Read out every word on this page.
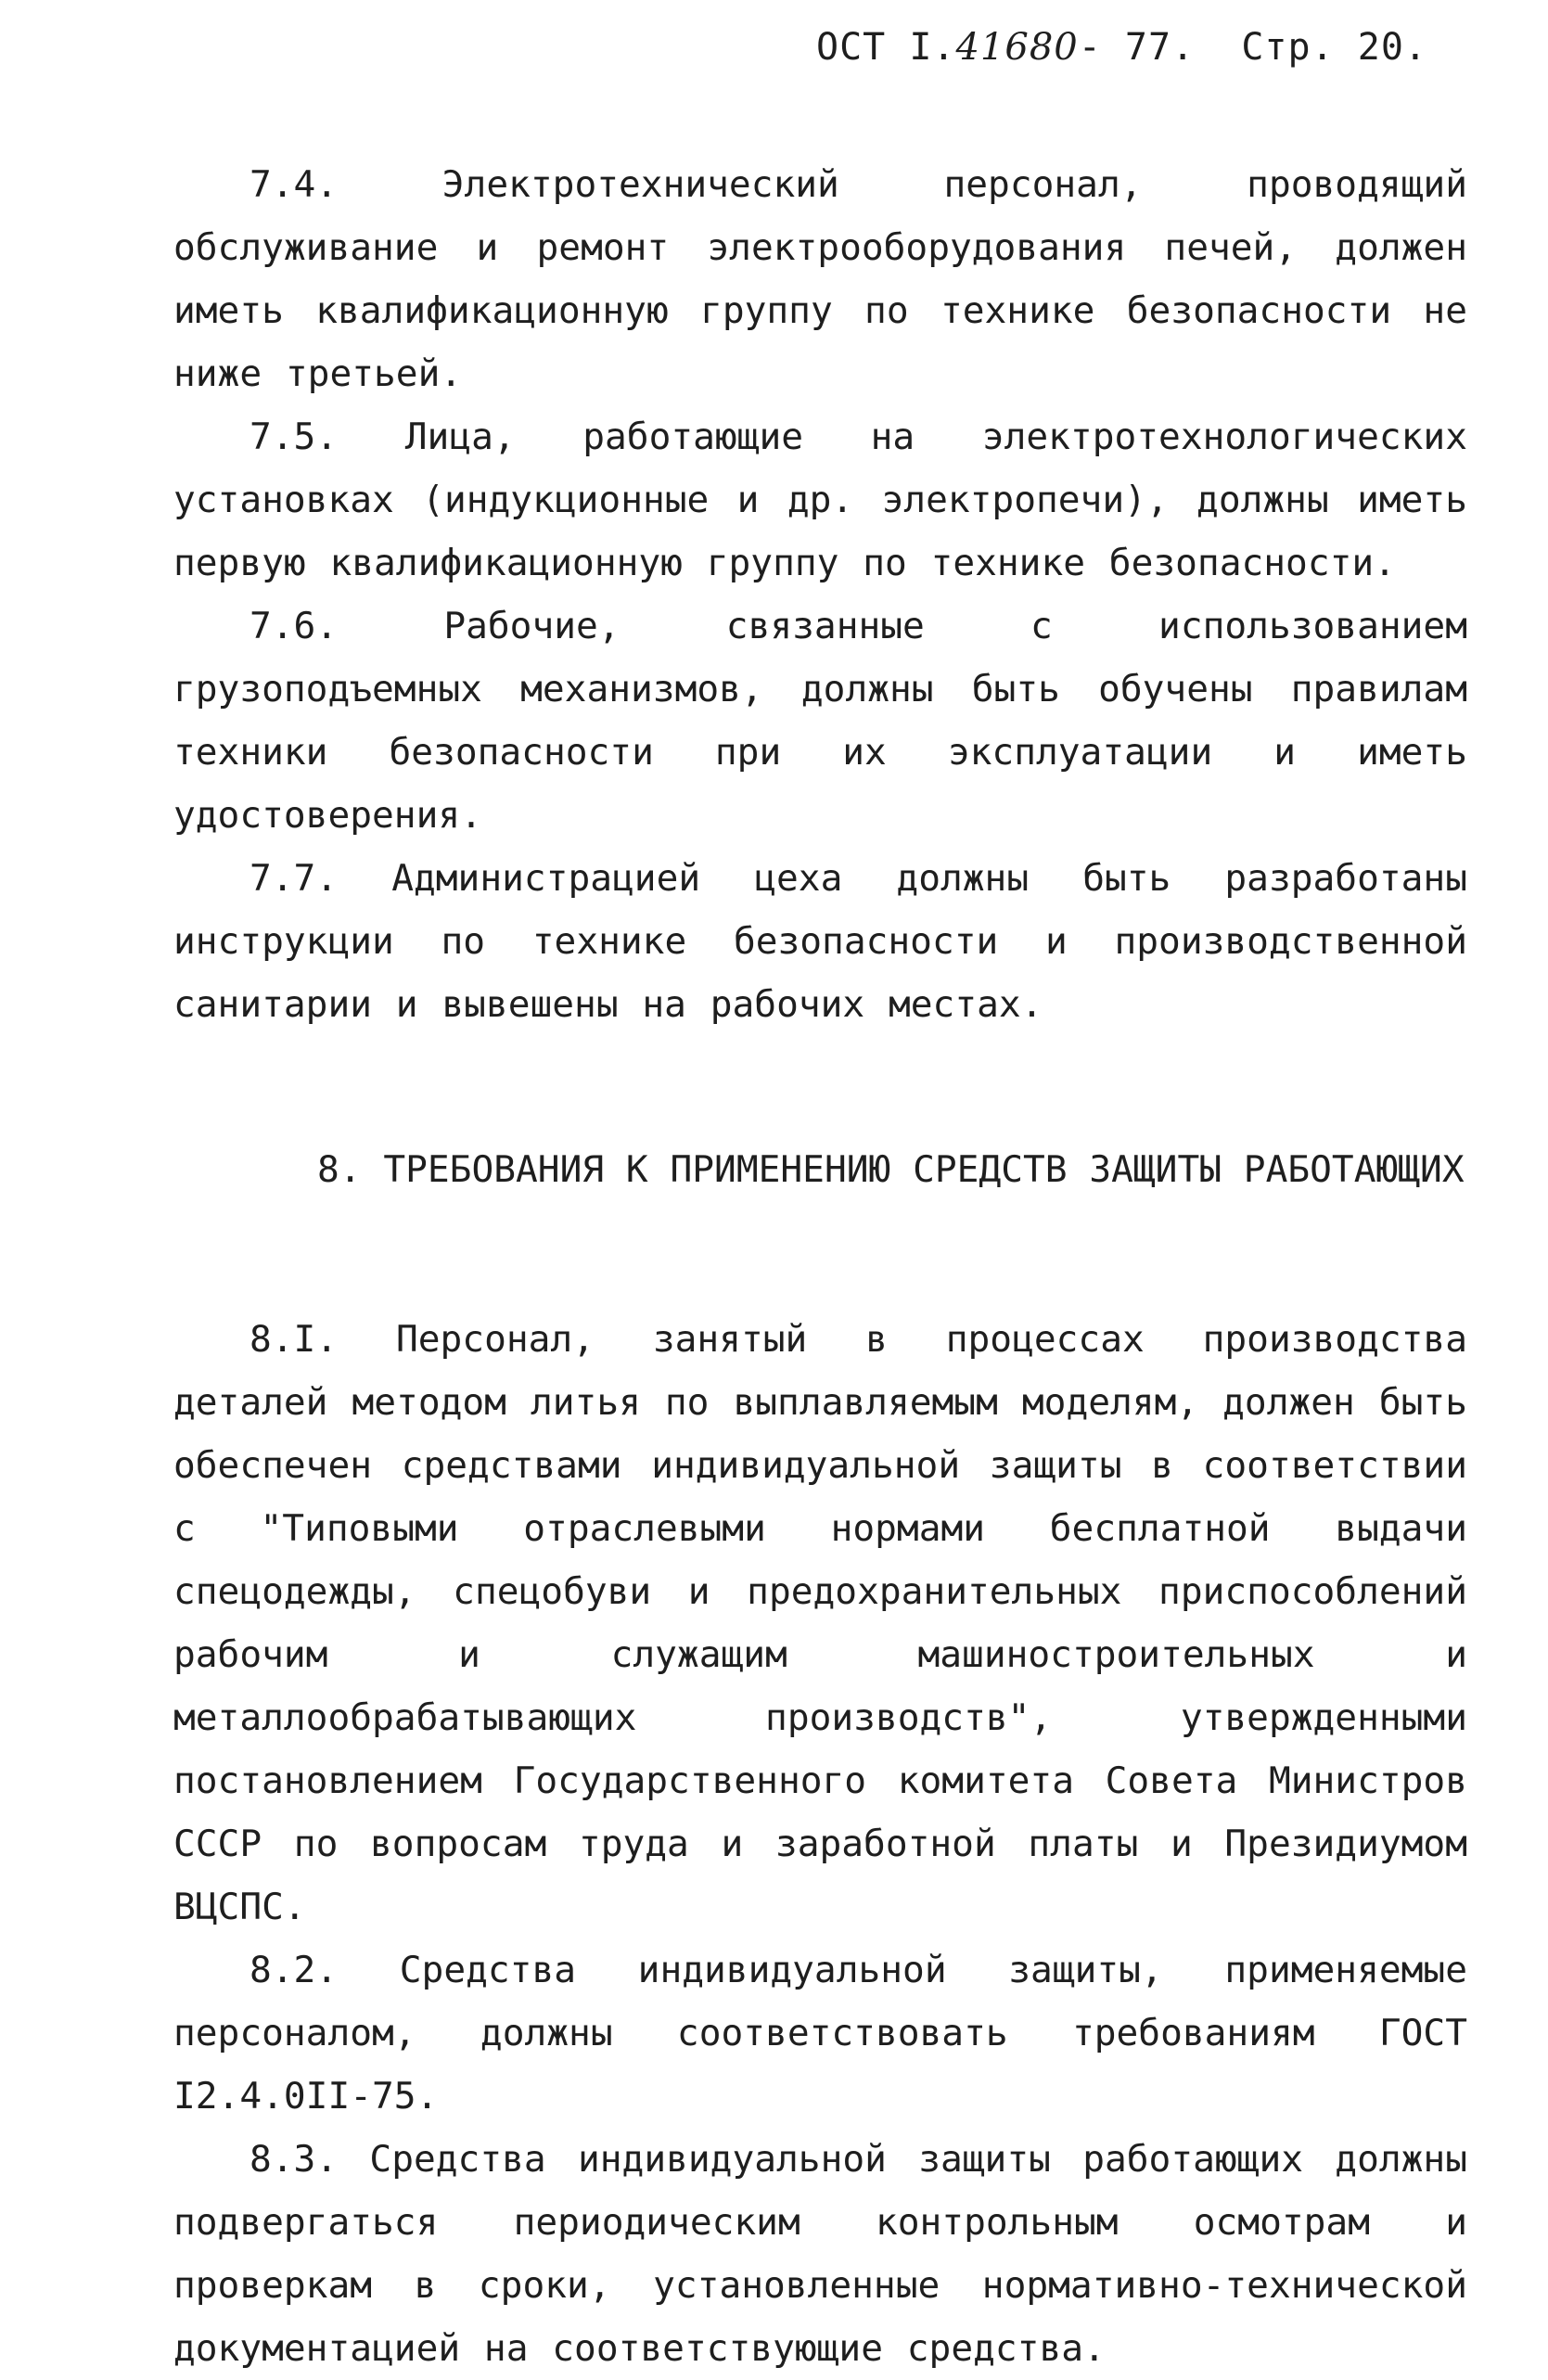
ОСТ I.41680- 77. Стр. 20.

7.4. Электротехнический персонал, проводящий обслуживание и ремонт электрооборудования печей, должен иметь квалификационную группу по технике безопасности не ниже третьей.

7.5. Лица, работающие на электротехнологических установках (индукционные и др. электропечи), должны иметь первую квалификационную группу по технике безопасности.

7.6. Рабочие, связанные с использованием грузоподъемных механизмов, должны быть обучены правилам техники безопасности при их эксплуатации и иметь удостоверения.

7.7. Администрацией цеха должны быть разработаны инструкции по технике безопасности и производственной санитарии и вывешены на рабочих местах.

8. ТРЕБОВАНИЯ К ПРИМЕНЕНИЮ СРЕДСТВ ЗАЩИТЫ РАБОТАЮЩИХ

8.I. Персонал, занятый в процессах производства деталей методом литья по выплавляемым моделям, должен быть обеспечен средствами индивидуальной защиты в соответствии с "Типовыми отраслевыми нормами бесплатной выдачи спецодежды, спецобуви и предохранительных приспособлений рабочим и служащим машиностроительных и металлообрабатывающих производств", утвержденными постановлением Государственного комитета Совета Министров СССР по вопросам труда и заработной платы и Президиумом ВЦСПС.

8.2. Средства индивидуальной защиты, применяемые персоналом, должны соответствовать требованиям ГОСТ I2.4.0II-75.

8.3. Средства индивидуальной защиты работающих должны подвергаться периодическим контрольным осмотрам и проверкам в сроки, установленные нормативно-технической документацией на соответствующие средства.
